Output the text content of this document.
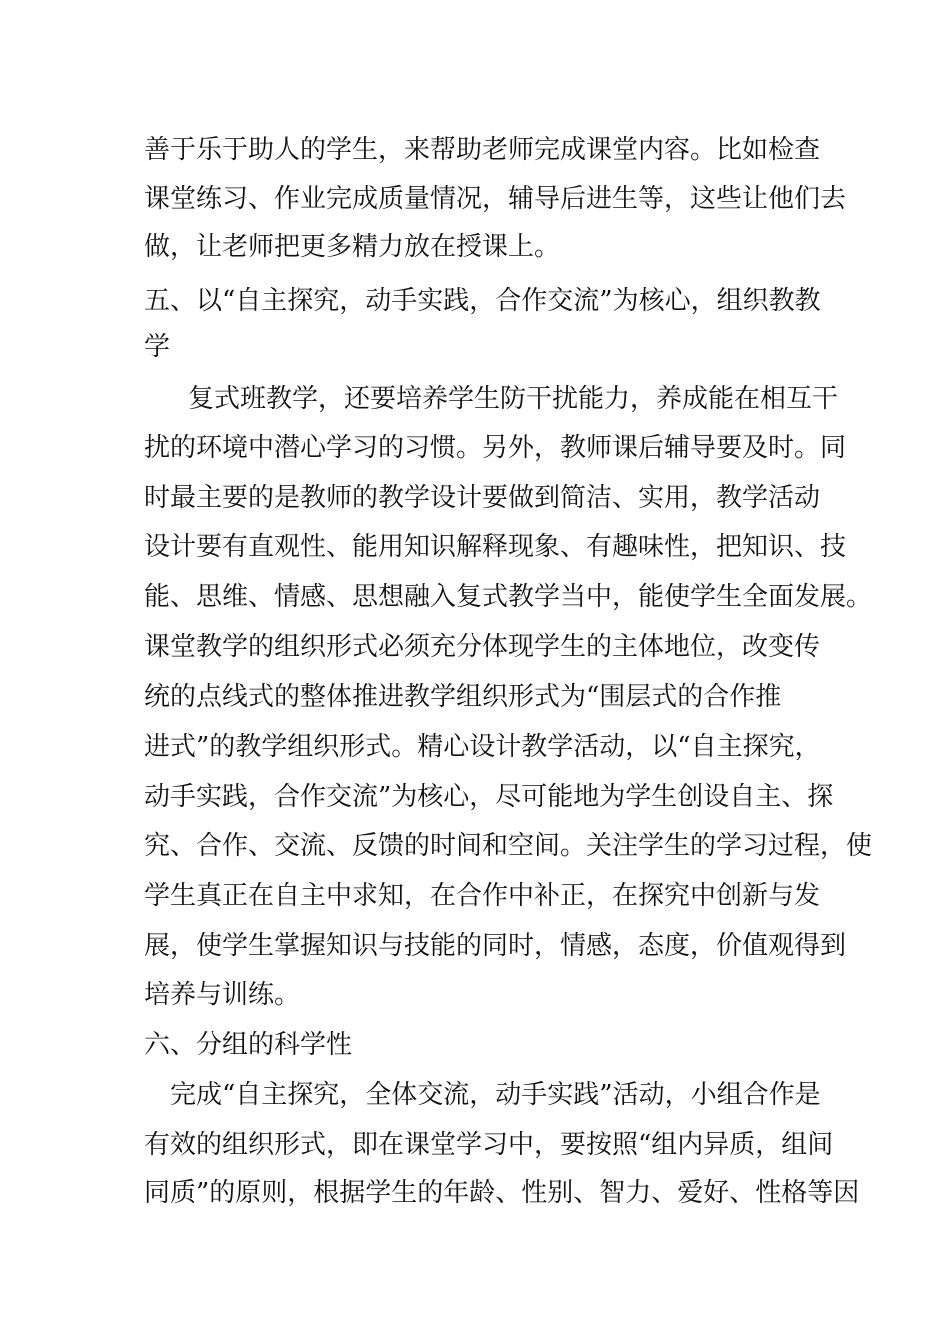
善于乐于助人的学生，来帮助老师完成课堂内容。比如检查
课堂练习、作业完成质量情况，辅导后进生等，这些让他们去
做，让老师把更多精力放在授课上。
五、以“自主探究，动手实践，合作交流”为核心，组织教教
学
复式班教学，还要培养学生防干扰能力，养成能在相互干
扰的环境中潜心学习的习惯。另外，教师课后辅导要及时。同
时最主要的是教师的教学设计要做到简洁、实用，教学活动
设计要有直观性、能用知识解释现象、有趣味性，把知识、技
能、思维、情感、思想融入复式教学当中，能使学生全面发展。
课堂教学的组织形式必须充分体现学生的主体地位，改变传
统的点线式的整体推进教学组织形式为“围层式的合作推
进式”的教学组织形式。精心设计教学活动，以“自主探究，
动手实践，合作交流”为核心，尽可能地为学生创设自主、探
究、合作、交流、反馈的时间和空间。关注学生的学习过程，使
学生真正在自主中求知，在合作中补正，在探究中创新与发
展，使学生掌握知识与技能的同时，情感，态度，价值观得到
培养与训练。
六、分组的科学性
完成“自主探究，全体交流，动手实践”活动，小组合作是
有效的组织形式，即在课堂学习中，要按照“组内异质，组间
同质”的原则，根据学生的年龄、性别、智力、爱好、性格等因
